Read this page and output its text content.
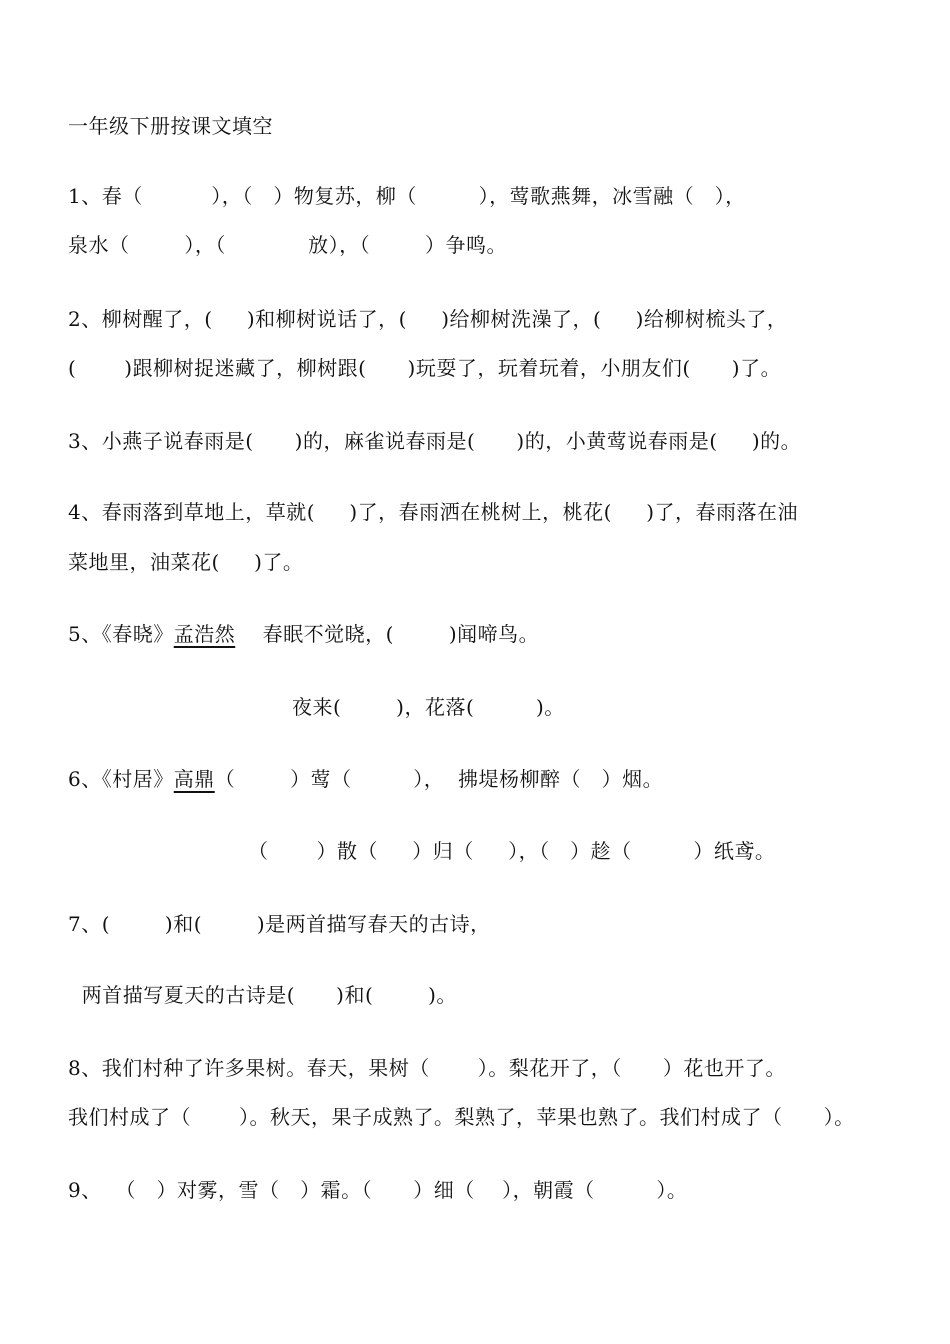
一年级下册按课文填空
1、春（          ），（   ）物复苏，柳（         ），莺歌燕舞，冰雪融（   ），
泉水（        ），（            放），（        ）争鸣。
2、柳树醒了，(     )和柳树说话了，(     )给柳树洗澡了，(     )给柳树梳头了，
(       )跟柳树捉迷藏了，柳树跟(      )玩耍了，玩着玩着，小朋友们(      )了。
3、小燕子说春雨是(      )的，麻雀说春雨是(      )的，小黄莺说春雨是(     )的。
4、春雨落到草地上，草就(     )了，春雨洒在桃树上，桃花(     )了，春雨落在油
菜地里，油菜花(     )了。
5、《春晓》孟浩然    春眠不觉晓，(        )闻啼鸟。
夜来(        )，花落(         )。
6、《村居》高鼎（        ）莺（         ），  拂堤杨柳醉（   ）烟。
（       ）散（     ）归（     ），（   ）趁（         ）纸鸢。
7、(        )和(        )是两首描写春天的古诗，
两首描写夏天的古诗是(      )和(        )。
8、我们村种了许多果树。春天，果树（       ）。梨花开了，（      ）花也开了。
我们村成了（       ）。秋天，果子成熟了。梨熟了，苹果也熟了。我们村成了（      ）。
9、  （   ）对雾，雪（   ）霜。（      ）细（    ），朝霞（         ）。
